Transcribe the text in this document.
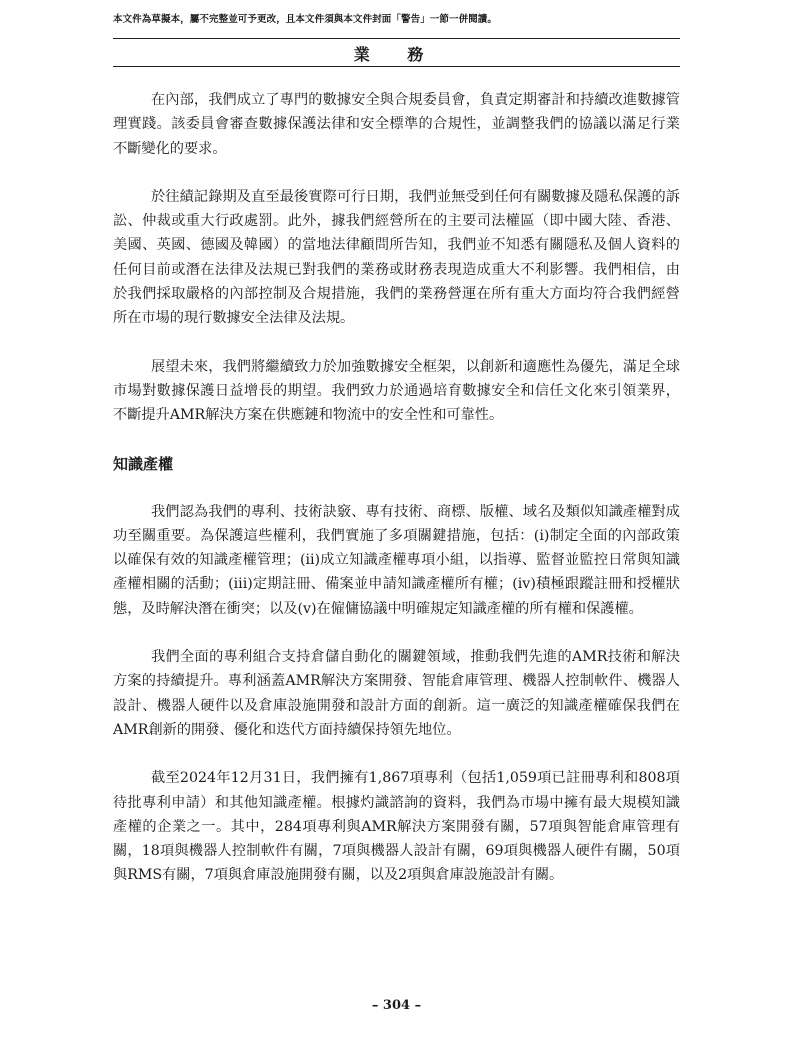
本文件為草擬本，屬不完整並可予更改，且本文件須與本文件封面「警告」一節一併閱讀。
業 務

在內部，我們成立了專門的數據安全與合規委員會，負責定期審計和持續改進數據管理實踐。該委員會審查數據保護法律和安全標準的合規性，並調整我們的協議以滿足行業不斷變化的要求。

於往績記錄期及直至最後實際可行日期，我們並無受到任何有關數據及隱私保護的訴訟、仲裁或重大行政處罰。此外，據我們經營所在的主要司法權區（即中國大陸、香港、美國、英國、德國及韓國）的當地法律顧問所告知，我們並不知悉有關隱私及個人資料的任何目前或潛在法律及法規已對我們的業務或財務表現造成重大不利影響。我們相信，由於我們採取嚴格的內部控制及合規措施，我們的業務營運在所有重大方面均符合我們經營所在市場的現行數據安全法律及法規。

展望未來，我們將繼續致力於加強數據安全框架，以創新和適應性為優先，滿足全球市場對數據保護日益增長的期望。我們致力於通過培育數據安全和信任文化來引領業界，不斷提升AMR解決方案在供應鏈和物流中的安全性和可靠性。

知識產權

我們認為我們的專利、技術訣竅、專有技術、商標、版權、域名及類似知識產權對成功至關重要。為保護這些權利，我們實施了多項關鍵措施，包括：(i)制定全面的內部政策以確保有效的知識產權管理；(ii)成立知識產權專項小組，以指導、監督並監控日常與知識產權相關的活動；(iii)定期註冊、備案並申請知識產權所有權；(iv)積極跟蹤註冊和授權狀態，及時解決潛在衝突；以及(v)在僱傭協議中明確規定知識產權的所有權和保護權。

我們全面的專利組合支持倉儲自動化的關鍵領域，推動我們先進的AMR技術和解決方案的持續提升。專利涵蓋AMR解決方案開發、智能倉庫管理、機器人控制軟件、機器人設計、機器人硬件以及倉庫設施開發和設計方面的創新。這一廣泛的知識產權確保我們在AMR創新的開發、優化和迭代方面持續保持領先地位。

截至2024年12月31日，我們擁有1,867項專利（包括1,059項已註冊專利和808項待批專利申請）和其他知識產權。根據灼識諮詢的資料，我們為市場中擁有最大規模知識產權的企業之一。其中，284項專利與AMR解決方案開發有關，57項與智能倉庫管理有關，18項與機器人控制軟件有關，7項與機器人設計有關，69項與機器人硬件有關，50項與RMS有關，7項與倉庫設施開發有關，以及2項與倉庫設施設計有關。

– 304 –
